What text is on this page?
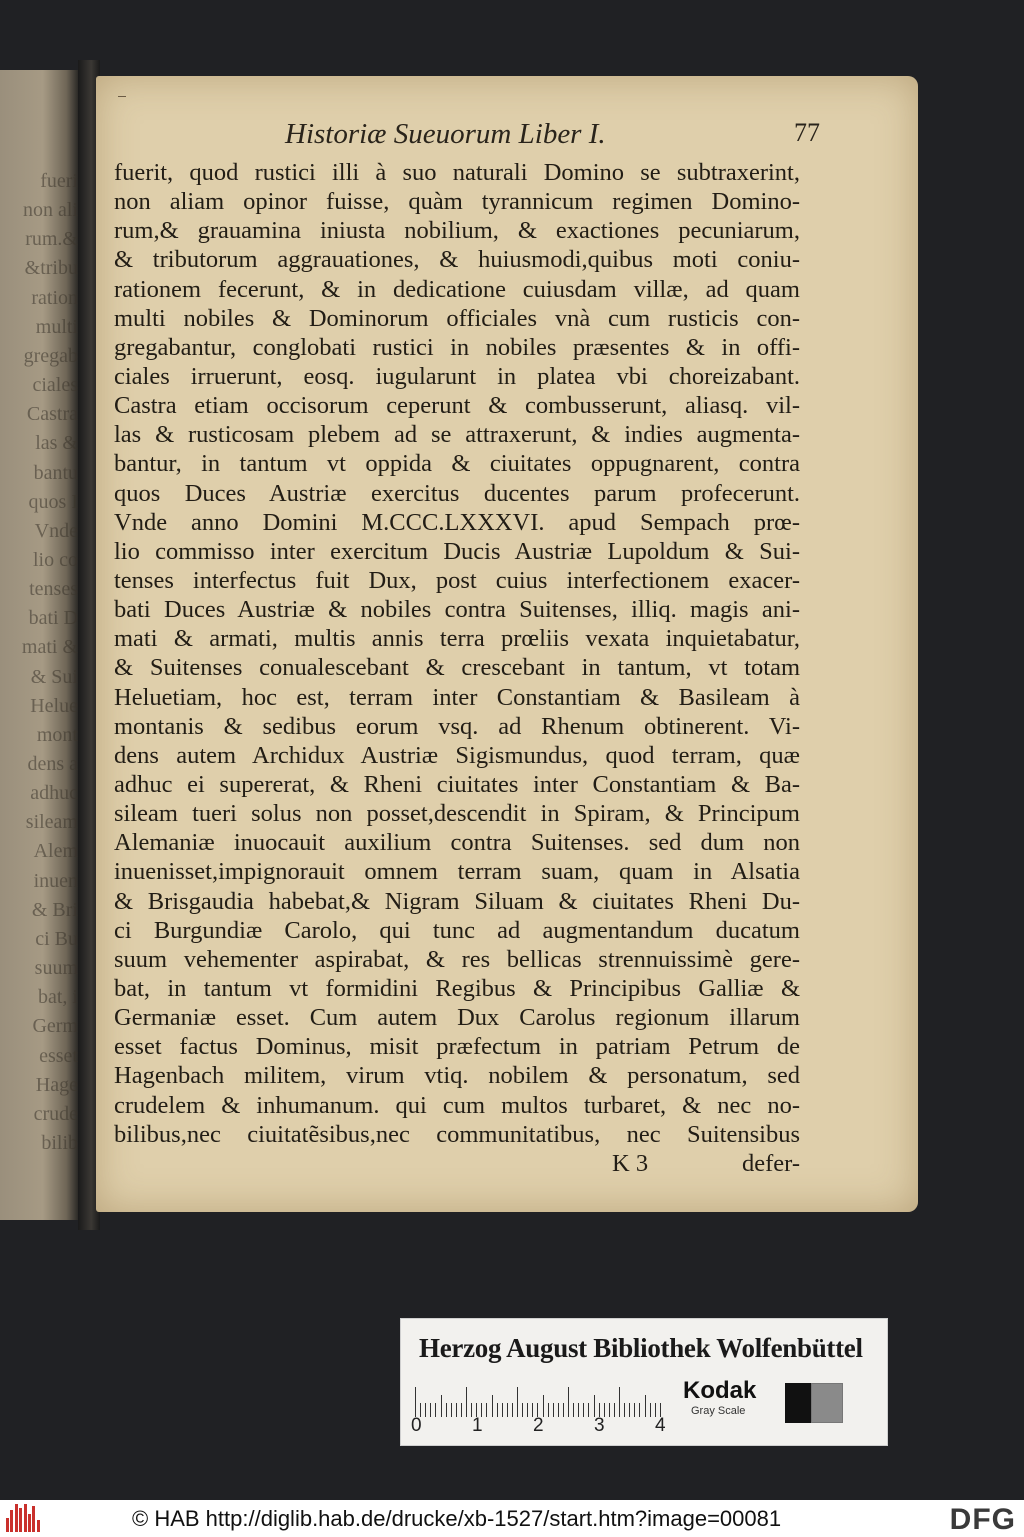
fueri
non ali
rum.&
&tribu
ration
multi
gregab
ciales
Castra
las &
bantu
quos I
Vnde
lio co
tenses
bati D
mati &
& Sui
Helue
mont
dens a
adhuc
sileam
Alem
inuen
& Bri
ci Bu
suum
bat, i
Germ
esset
Hage
crude
bilib
Historiæ Sueuorum Liber I.	77
fuerit, quod rustici illi à suo naturali Domino se subtraxerint,
non aliam opinor fuisse, quàm tyrannicum regimen Domino-
rum,& grauamina iniusta nobilium, & exactiones pecuniarum,
& tributorum aggrauationes, & huiusmodi,quibus moti coniu-
rationem fecerunt, & in dedicatione cuiusdam villæ, ad quam
multi nobiles & Dominorum officiales vnà cum rusticis con-
gregabantur, conglobati rustici in nobiles præsentes & in offi-
ciales irruerunt, eosq. iugularunt in platea vbi choreizabant.
Castra etiam occisorum ceperunt & combusserunt, aliasq. vil-
las & rusticosam plebem ad se attraxerunt, & indies augmenta-
bantur, in tantum vt oppida & ciuitates oppugnarent, contra
quos Duces Austriæ exercitus ducentes parum profecerunt.
Vnde anno Domini M.CCC.LXXXVI. apud Sempach prœ-
lio commisso inter exercitum Ducis Austriæ Lupoldum & Sui-
tenses interfectus fuit Dux, post cuius interfectionem exacer-
bati Duces Austriæ & nobiles contra Suitenses, illiq. magis ani-
mati & armati, multis annis terra prœliis vexata inquietabatur,
& Suitenses conualescebant & crescebant in tantum, vt totam
Heluetiam, hoc est, terram inter Constantiam & Basileam à
montanis & sedibus eorum vsq. ad Rhenum obtinerent. Vi-
dens autem Archidux Austriæ Sigismundus, quod terram, quæ
adhuc ei supererat, & Rheni ciuitates inter Constantiam & Ba-
sileam tueri solus non posset,descendit in Spiram, & Principum
Alemaniæ inuocauit auxilium contra Suitenses. sed dum non
inuenisset,impignorauit omnem terram suam, quam in Alsatia
& Brisgaudia habebat,& Nigram Siluam & ciuitates Rheni Du-
ci Burgundiæ Carolo, qui tunc ad augmentandum ducatum
suum vehementer aspirabat, & res bellicas strennuissimè gere-
bat, in tantum vt formidini Regibus & Principibus Galliæ &
Germaniæ esset. Cum autem Dux Carolus regionum illarum
esset factus Dominus, misit præfectum in patriam Petrum de
Hagenbach militem, virum vtiq. nobilem & personatum, sed
crudelem & inhumanum. qui cum multos turbaret, & nec no-
bilibus,nec ciuitatẽsibus,nec communitatibus, nec Suitensibus
K 3	defer-
Herzog August Bibliothek Wolfenbüttel
0	1	2	3	4
Kodak
Gray Scale
© HAB http://diglib.hab.de/drucke/xb-1527/start.htm?image=00081	DFG
